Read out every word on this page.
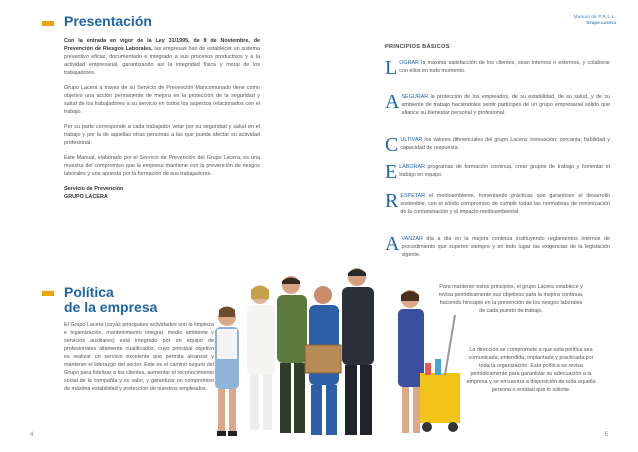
Manual de P.R.L.L.
Grupo Lacera
Presentación

Con la entrada en vigor de la Ley 31/1995, de 8 de Noviembre, de Prevención de Riesgos Laborales, las empresas han de establecer un sistema preventivo eficaz, documentado e integrado a sus procesos productivos y a la actividad empresarial, garantizando así la integridad física y moral de los trabajadores.

Grupo Lacera a través de su Servicio de Prevención Mancomunado tiene como objetivo una acción permanente de mejora en la protección de la seguridad y salud de los trabajadores a su servicio en todos los aspectos relacionados con el trabajo.

Por su parte corresponde a cada trabajador velar por su seguridad y salud en el trabajo y por la de aquellas otras personas a las que pueda afectar su actividad profesional.

Este Manual, elaborado por el Servicio de Prevención del Grupo Lacera, es una muestra del compromiso que la empresa mantiene con la prevención de riesgos laborales y una apuesta por la formación de sus trabajadores.

Servicio de Prevención

GRUPO LACERA

Política
de la empresa

El Grupo Lacera (cuyas principales actividades son la limpieza e higienización, mantenimiento integral, medio ambiente y servicios auxiliares) está integrado por un equipo de profesionales altamente cualificados, cuyo principal objetivo es realizar un servicio excelente que permita alcanzar y mantener el liderazgo del sector. Este es el camino seguro del Grupo para fidelizar a los clientes, aumentar el reconocimiento social de la compañía y su valor, y garantizar un compromiso de máxima estabilidad y protección de nuestros empleados.

PRINCIPIOS BÁSICOS
LOGRAR la máxima satisfacción de los clientes, sean internos o externos, y colaborar con ellos en todo momento.
ASEGURAR la protección de los empleados, de su estabilidad, de su salud, y de su ambiente de trabajo haciéndoles sentir partícipes de un grupo empresarial sólido que afiance su bienestar personal y profesional.
CULTIVAR los valores diferenciales del grupo Lacera: innovación; cercanía; fiabilidad y capacidad de respuesta.
ELABORAR programas de formación continua, crear grupos de trabajo y fomentar el trabajo en equipo.
RESPETAR el medioambiente, fomentando prácticas que garanticen el desarrollo sostenible, con el sólido compromiso de cumplir todas las normativas de minimización de la contaminación y el impacto medioambiental.
AVANZAR día a día en la mejora continua instituyendo reglamentos internos de procedimiento que superen siempre y en todo lugar las exigencias de la legislación vigente.
Para mantener estos principios, el grupo Lacera establece y revisa periódicamente sus objetivos para la mejora continua, haciendo hincapié en la prevención de los riesgos laborales de cada puesto de trabajo.
La dirección se compromete a que esta política sea comunicada, entendida, implantada y practicada por toda la organización. Esta política se revisa periódicamente para garantizar su adecuación a la empresa y se encuentra a disposición de toda aquella persona o entidad que lo solicite.
4	5
